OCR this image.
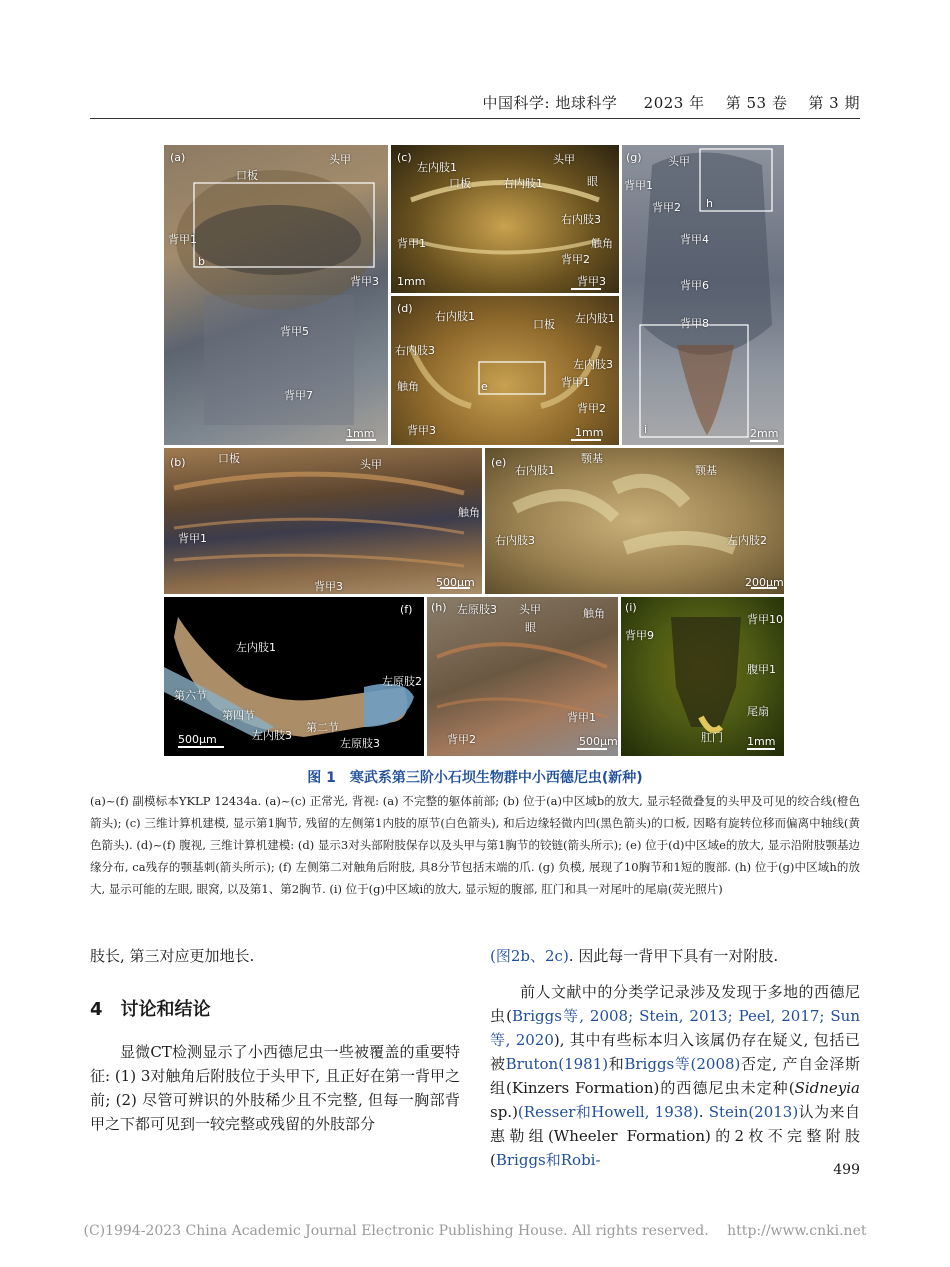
中国科学: 地球科学 2023 年 第 53 卷 第 3 期
(a)	头甲
口板
背甲1
背甲3
背甲5
背甲7
b
1mm
(c)
左内肢1
口板	右内肢1
头甲
眼
右内肢3
背甲1	触角
背甲2
背甲3
1mm
(d)
右内肢1
口板 左内肢1
右内肢3
左内肢3
触角	e	背甲1
背甲2
背甲3	1mm
(g) 头甲
背甲1
背甲2 h
背甲4
背甲6
背甲8
i	2mm
(b)	口板	头甲
触角
背甲1
背甲3	500μm
(e)	颚基
右内肢1	颚基
右内肢3	左内肢2
200μm
(f)
左内肢1
左原肢2
第六节
第四节
左内肢3
第二节
左原肢3
500μm
(h) 左原肢3 头甲
眼
触角
背甲1
背甲2	500μm
(i)
背甲10
背甲9
腹甲1
尾扇
肛门 1mm
图 1　寒武系第三阶小石坝生物群中小西德尼虫(新种)
(a)~(f) 副模标本YKLP 12434a. (a)~(c) 正常光, 背视: (a) 不完整的躯体前部; (b) 位于(a)中区域b的放大, 显示轻微叠复的头甲及可见的绞合线(橙色箭头); (c) 三维计算机建模, 显示第1胸节, 残留的左侧第1内肢的原节(白色箭头), 和后边缘轻微内凹(黑色箭头)的口板, 因略有旋转位移而偏离中轴线(黄色箭头). (d)~(f) 腹视, 三维计算机建模: (d) 显示3对头部附肢保存以及头甲与第1胸节的铰链(箭头所示); (e) 位于(d)中区域e的放大, 显示沿附肢颚基边缘分布, ca残存的颚基刺(箭头所示); (f) 左侧第二对触角后附肢, 具8分节包括末端的爪. (g) 负模, 展现了10胸节和1短的腹部. (h) 位于(g)中区域h的放大, 显示可能的左眼, 眼窝, 以及第1、第2胸节. (i) 位于(g)中区域i的放大, 显示短的腹部, 肛门和具一对尾叶的尾扇(荧光照片)

肢长, 第三对应更加地长.

4　讨论和结论

显微CT检测显示了小西德尼虫一些被覆盖的重要特征: (1) 3对触角后附肢位于头甲下, 且正好在第一背甲之前; (2) 尽管可辨识的外肢稀少且不完整, 但每一胸部背甲之下都可见到一较完整或残留的外肢部分

(图2b、2c). 因此每一背甲下具有一对附肢.

前人文献中的分类学记录涉及发现于多地的西德尼虫(Briggs等, 2008; Stein, 2013; Peel, 2017; Sun等, 2020), 其中有些标本归入该属仍存在疑义, 包括已被Bruton(1981)和Briggs等(2008)否定, 产自金泽斯组(Kinzers Formation)的西德尼虫未定种(Sidneyia sp.)(Resser和Howell, 1938). Stein(2013)认为来自惠勒组(Wheeler Formation)的2枚不完整附肢(Briggs和Robi-

499
(C)1994-2023 China Academic Journal Electronic Publishing House. All rights reserved.　 http://www.cnki.net
